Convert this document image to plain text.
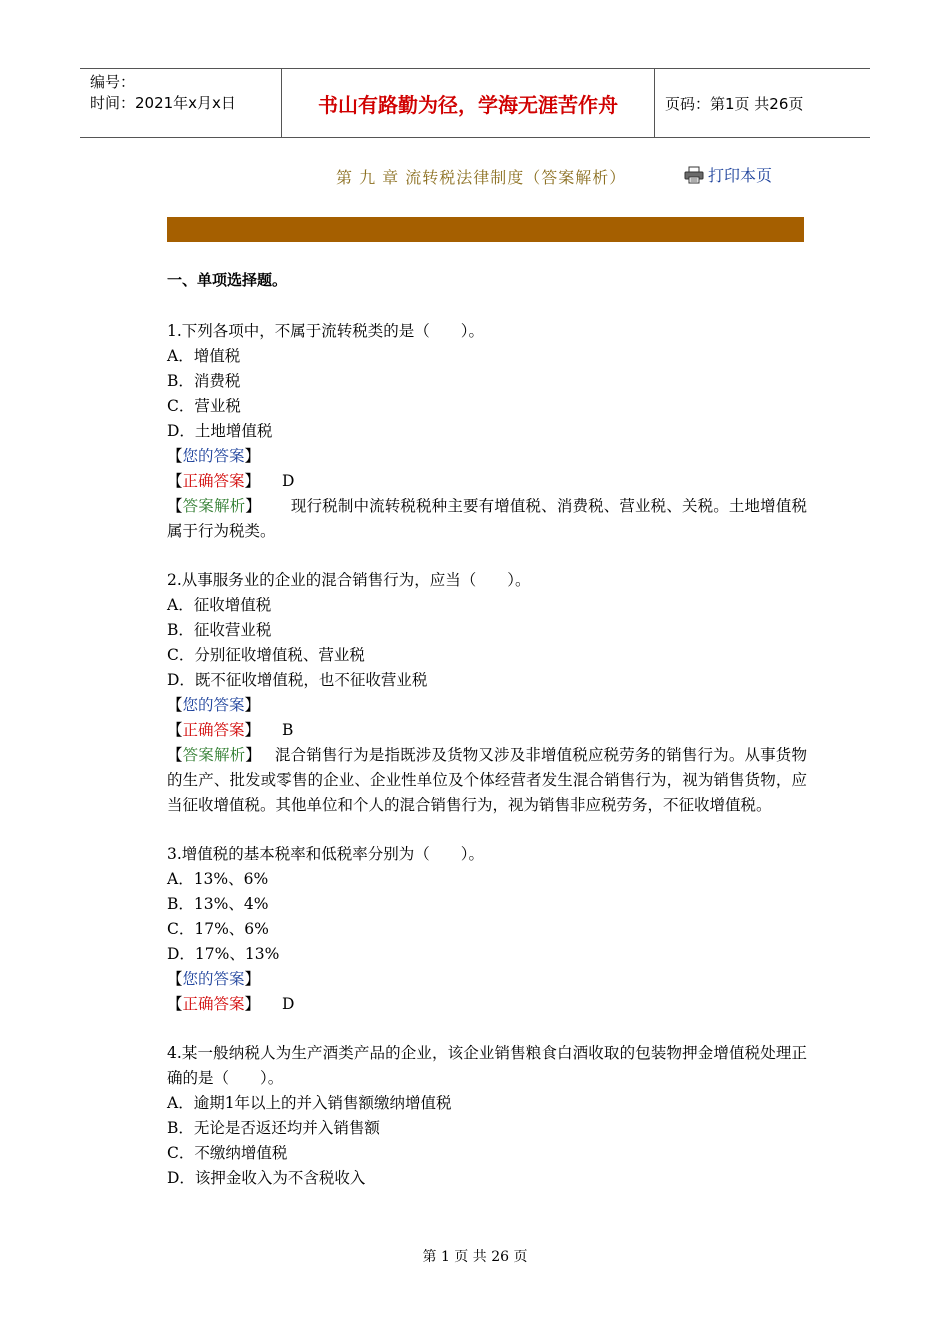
编号：
时间：2021年x月x日	书山有路勤为径，学海无涯苦作舟	页码：第1页 共26页
第 九 章 流转税法律制度（答案解析）	打印本页
一、单项选择题。
1.下列各项中，不属于流转税类的是（　　）。
A．增值税
B．消费税
C．营业税
D．土地增值税
【您的答案】
【正确答案】 D
【答案解析】 现行税制中流转税税种主要有增值税、消费税、营业税、关税。土地增值税属于行为税类。
2.从事服务业的企业的混合销售行为，应当（　　）。
A．征收增值税
B．征收营业税
C．分别征收增值税、营业税
D．既不征收增值税，也不征收营业税
【您的答案】
【正确答案】 B
【答案解析】 混合销售行为是指既涉及货物又涉及非增值税应税劳务的销售行为。从事货物的生产、批发或零售的企业、企业性单位及个体经营者发生混合销售行为，视为销售货物，应当征收增值税。其他单位和个人的混合销售行为，视为销售非应税劳务，不征收增值税。
3.增值税的基本税率和低税率分别为（　　）。
A．13%、6%
B．13%、4%
C．17%、6%
D．17%、13%
【您的答案】
【正确答案】 D
4.某一般纳税人为生产酒类产品的企业，该企业销售粮食白酒收取的包装物押金增值税处理正确的是（　　）。
A．逾期1年以上的并入销售额缴纳增值税
B．无论是否返还均并入销售额
C．不缴纳增值税
D．该押金收入为不含税收入
第 1 页 共 26 页
